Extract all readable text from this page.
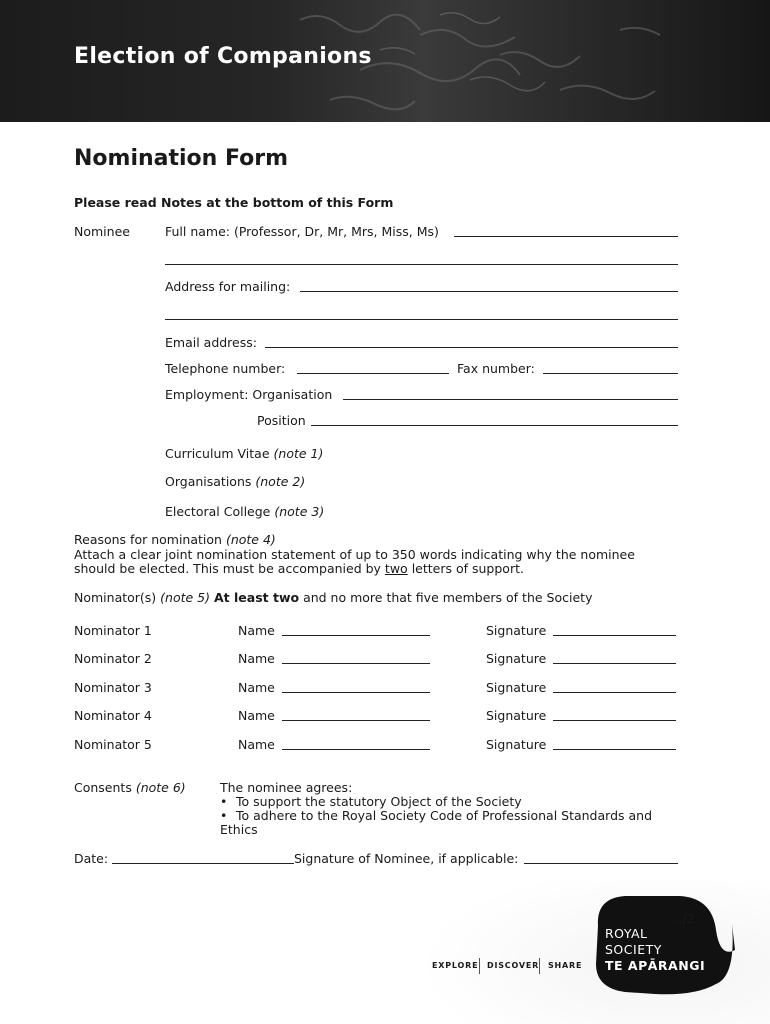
Election of Companions
Nomination Form
Please read Notes at the bottom of this Form
Nominee	Full name: (Professor, Dr, Mr, Mrs, Miss, Ms)
Address for mailing:
Email address:
Telephone number:	Fax number:
Employment: Organisation
Position
Curriculum Vitae (note 1)
Organisations (note 2)
Electoral College (note 3)
Reasons for nomination (note 4)
Attach a clear joint nomination statement of up to 350 words indicating why the nominee
should be elected. This must be accompanied by two letters of support.
Nominator(s) (note 5) At least two and no more that five members of the Society
Nominator 1	Name	Signature
Nominator 2	Name	Signature
Nominator 3	Name	Signature
Nominator 4	Name	Signature
Nominator 5	Name	Signature
Consents (note 6)	The nominee agrees:
• To support the statutory Object of the Society
• To adhere to the Royal Society Code of Professional Standards and
Ethics
Date:	Signature of Nominee, if applicable:
…/2
EXPLORE DISCOVER SHARE
ROYAL
SOCIETY
TE APĀRANGI
